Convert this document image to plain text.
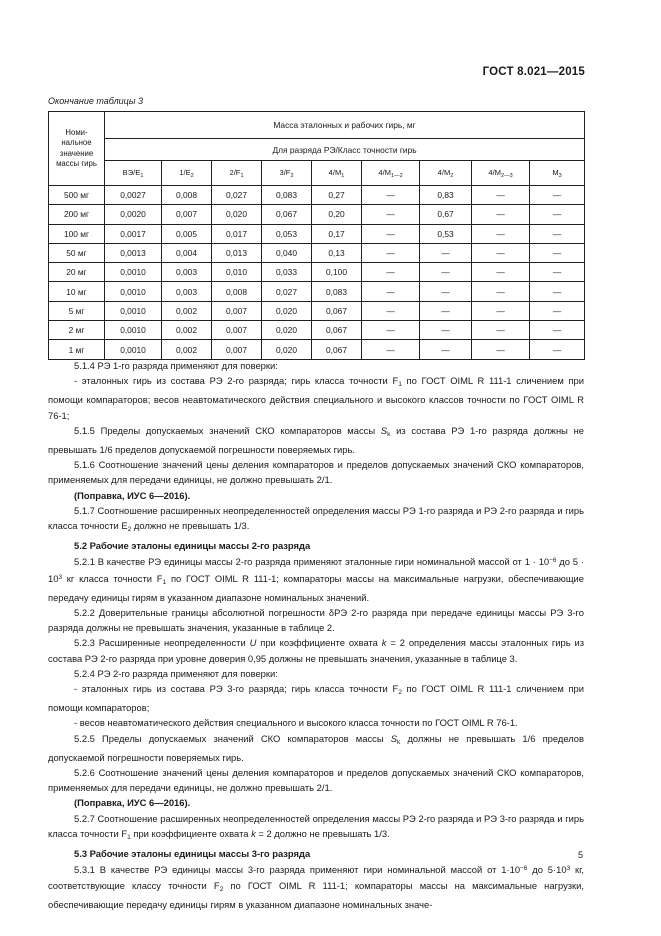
ГОСТ 8.021—2015
Окончание таблицы 3
Номи-
нальное
значение
массы гирь	Масса эталонных и рабочих гирь, мг								
	Для разряда РЭ/Класс точности гирь								
	$ВЭ/Е_1$	$1/Е_2$	$2/F_1$	$3/F_2$	$4/М_1$	$4/М_{1—2}$	$4/М_2$	$4/М_{2—3}$	$М_3$
500 мг	0,0027	0,008	0,027	0,083	0,27	—	0,83	—	—
200 мг	0,0020	0,007	0,020	0,067	0,20	—	0,67	—	—
100 мг	0,0017	0,005	0,017	0,053	0,17	—	0,53	—	—
50 мг	0,0013	0,004	0,013	0,040	0,13	—	—	—	—
20 мг	0,0010	0,003	0,010	0,033	0,100	—	—	—	—
10 мг	0,0010	0,003	0,008	0,027	0,083	—	—	—	—
5 мг	0,0010	0,002	0,007	0,020	0,067	—	—	—	—
2 мг	0,0010	0,002	0,007	0,020	0,067	—	—	—	—
1 мг	0,0010	0,002	0,007	0,020	0,067	—	—	—	—

5.1.4 РЭ 1-го разряда применяют для поверки:

- эталонных гирь из состава РЭ 2-го разряда; гирь класса точности $F_1$ по ГОСТ OIML R 111-1 сличением при помощи компараторов; весов неавтоматического действия специального и высокого классов точности по ГОСТ OIML R 76-1;

5.1.5 Пределы допускаемых значений СКО компараторов массы $S_k$ из состава РЭ 1-го разряда должны не превышать 1/6 пределов допускаемой погрешности поверяемых гирь.

5.1.6 Соотношение значений цены деления компараторов и пределов допускаемых значений СКО компараторов, применяемых для передачи единицы, не должно превышать 2/1.

(Поправка, ИУС 6—2016).

5.1.7 Соотношение расширенных неопределенностей определения массы РЭ 1-го разряда и РЭ 2-го разряда и гирь класса точности $E_2$ должно не превышать 1/3.

5.2 Рабочие эталоны единицы массы 2-го разряда

5.2.1 В качестве РЭ единицы массы 2-го разряда применяют эталонные гири номинальной массой от $1 \cdot 10^{-6}$ до $5 \cdot 10^3$ кг класса точности $F_1$ по ГОСТ OIML R 111-1; компараторы массы на максимальные нагрузки, обеспечивающие передачу единицы гирям в указанном диапазоне номинальных значений.

5.2.2 Доверительные границы абсолютной погрешности δРЭ 2-го разряда при передаче единицы массы РЭ 3-го разряда должны не превышать значения, указанные в таблице 2.

5.2.3 Расширенные неопределенности U при коэффициенте охвата k = 2 определения массы эталонных гирь из состава РЭ 2-го разряда при уровне доверия 0,95 должны не превышать значения, указанные в таблице 3.

5.2.4 РЭ 2-го разряда применяют для поверки:

- эталонных гирь из состава РЭ 3-го разряда; гирь класса точности $F_2$ по ГОСТ OIML R 111-1 сличением при помощи компараторов;

- весов неавтоматического действия специального и высокого класса точности по ГОСТ OIML R 76-1.

5.2.5 Пределы допускаемых значений СКО компараторов массы $S_k$ должны не превышать 1/6 пределов допускаемой погрешности поверяемых гирь.

5.2.6 Соотношение значений цены деления компараторов и пределов допускаемых значений СКО компараторов, применяемых для передачи единицы, не должно превышать 2/1.

(Поправка, ИУС 6—2016).

5.2.7 Соотношение расширенных неопределенностей определения массы РЭ 2-го разряда и РЭ 3-го разряда и гирь класса точности $F_1$ при коэффициенте охвата k = 2 должно не превышать 1/3.

5.3 Рабочие эталоны единицы массы 3-го разряда

5.3.1 В качестве РЭ единицы массы 3-го разряда применяют гири номинальной массой от $1\cdot 10^{-6}$ до $5\cdot 10^3$ кг, соответствующие классу точности $F_2$ по ГОСТ OIML R 111-1; компараторы массы на максимальные нагрузки, обеспечивающие передачу единицы гирям в указанном диапазоне номинальных значе-

5
